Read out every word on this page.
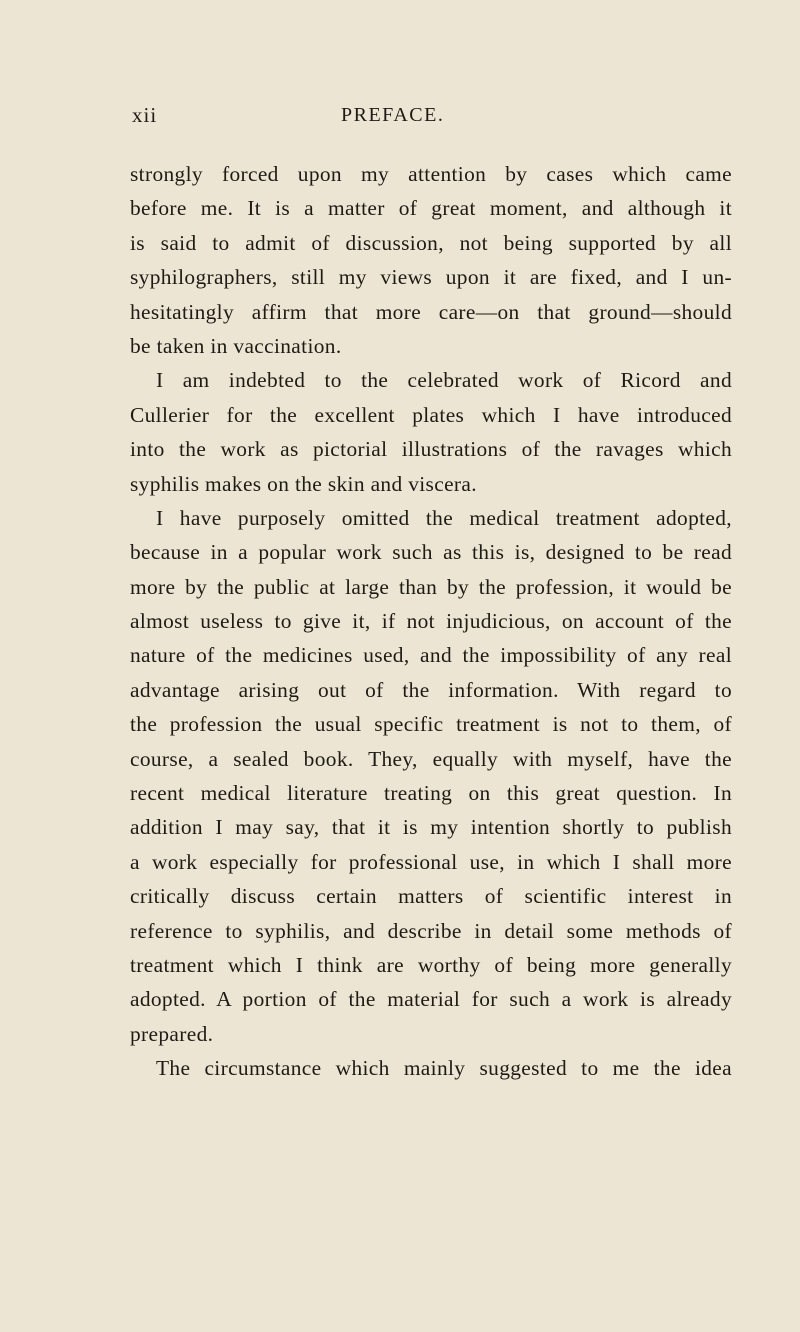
xii	PREFACE.
strongly forced upon my attention by cases which came
before me. It is a matter of great moment, and although it
is said to admit of discussion, not being supported by all
syphilographers, still my views upon it are fixed, and I un-
hesitatingly affirm that more care—on that ground—should
be taken in vaccination.
I am indebted to the celebrated work of Ricord and
Cullerier for the excellent plates which I have introduced
into the work as pictorial illustrations of the ravages which
syphilis makes on the skin and viscera.
I have purposely omitted the medical treatment adopted,
because in a popular work such as this is, designed to be read
more by the public at large than by the profession, it would be
almost useless to give it, if not injudicious, on account of the
nature of the medicines used, and the impossibility of any real
advantage arising out of the information. With regard to
the profession the usual specific treatment is not to them, of
course, a sealed book. They, equally with myself, have the
recent medical literature treating on this great question. In
addition I may say, that it is my intention shortly to publish
a work especially for professional use, in which I shall more
critically discuss certain matters of scientific interest in
reference to syphilis, and describe in detail some methods of
treatment which I think are worthy of being more generally
adopted. A portion of the material for such a work is already
prepared.
The circumstance which mainly suggested to me the idea
